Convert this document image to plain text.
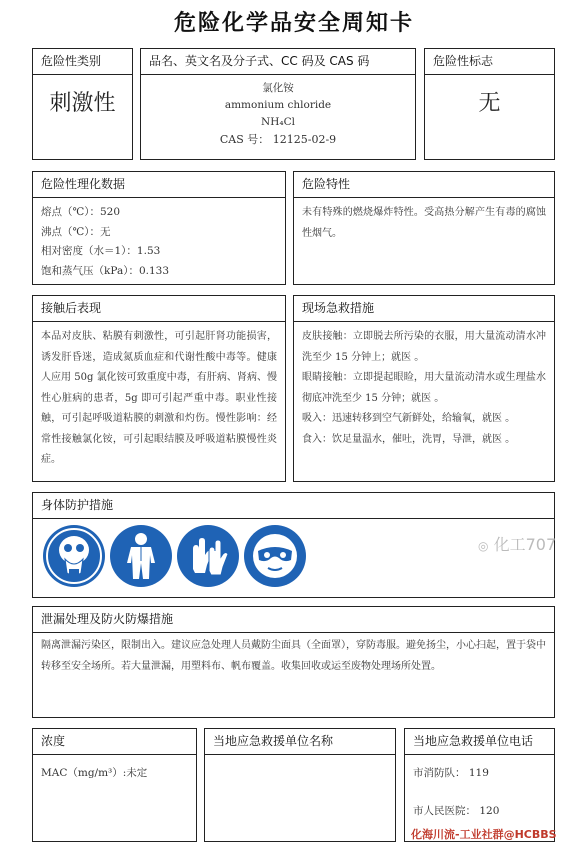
危险化学品安全周知卡
危险性类别
刺激性
品名、英文名及分子式、CC 码及 CAS 码
氯化铵
ammonium chloride
NH₄Cl
CAS 号： 12125-02-9
危险性标志
无
危险性理化数据
熔点（℃）：520
沸点（℃）：无
相对密度（水＝1）：1.53
饱和蒸气压（kPa）：0.133
危险特性
未有特殊的燃烧爆炸特性。受高热分解产生有毒的腐蚀性烟气。
接触后表现
本品对皮肤、粘膜有刺激性，可引起肝肾功能损害，诱发肝昏迷，造成氮质血症和代谢性酸中毒等。健康人应用 50g 氯化铵可致重度中毒，有肝病、肾病、慢性心脏病的患者，5g 即可引起严重中毒。职业性接触，可引起呼吸道粘膜的刺激和灼伤。慢性影响：经常性接触氯化铵，可引起眼结膜及呼吸道粘膜慢性炎症。
现场急救措施
皮肤接触：立即脱去所污染的衣服，用大量流动清水冲洗至少 15 分钟上；就医 。
眼睛接触：立即提起眼睑，用大量流动清水或生理盐水彻底冲洗至少 15 分钟；就医 。
吸入：迅速转移到空气新鲜处，给输氧，就医 。
食入：饮足量温水，催吐，洗胃，导泄，就医 。
身体防护措施
◎ 化工707
泄漏处理及防火防爆措施
隔离泄漏污染区，限制出入。建议应急处理人员戴防尘面具（全面罩），穿防毒服。避免扬尘，小心扫起，置于袋中转移至安全场所。若大量泄漏，用塑料布、帆布覆盖。收集回收或运至废物处理场所处置。
浓度
MAC（mg/m³）:未定
当地应急救援单位名称	当地应急救援单位电话
市消防队： 119
市人民医院： 120
化海川流-工业社群@HCBBS
